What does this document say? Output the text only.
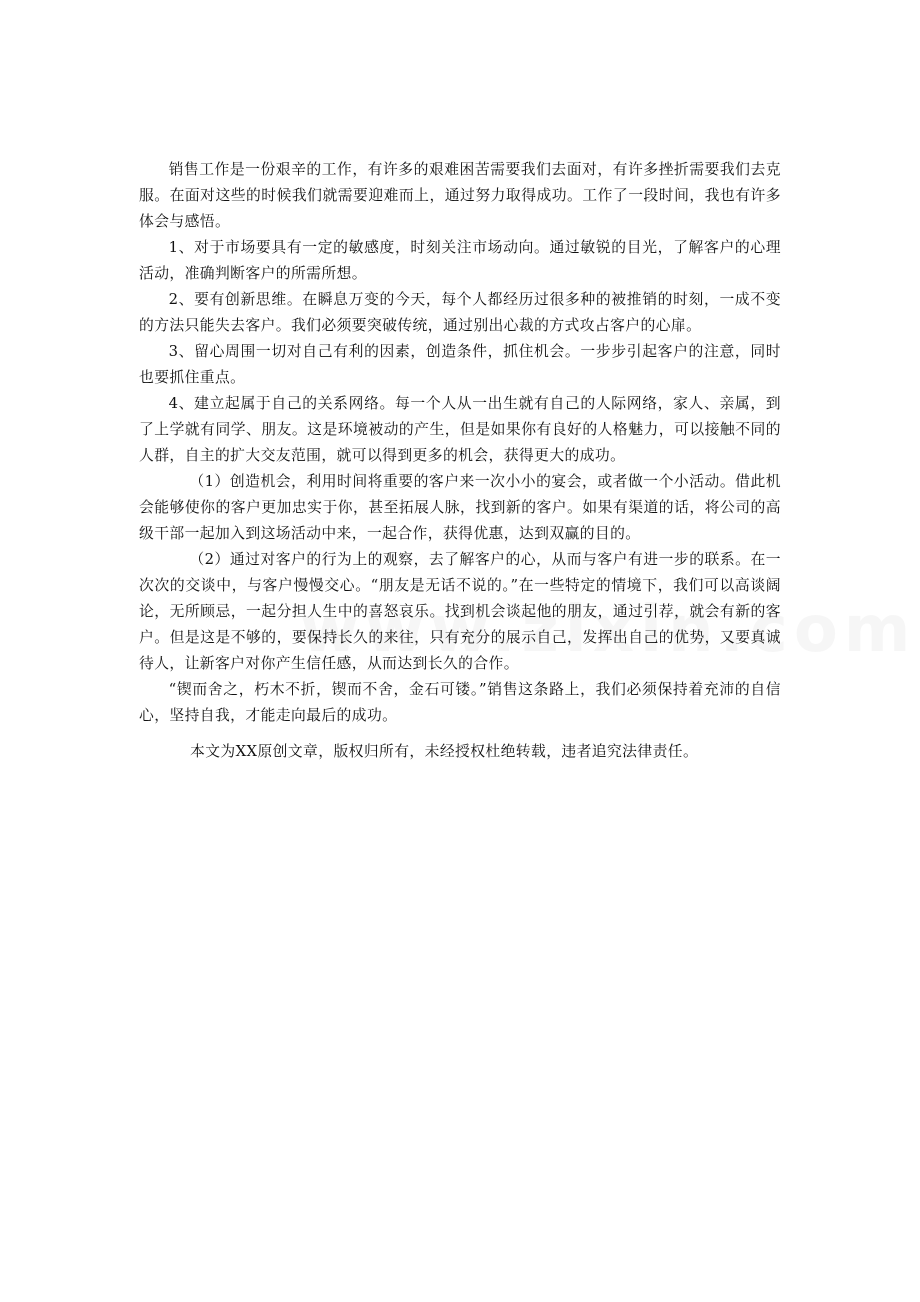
销售工作是一份艰辛的工作，有许多的艰难困苦需要我们去面对，有许多挫折需要我们去克服。在面对这些的时候我们就需要迎难而上，通过努力取得成功。工作了一段时间，我也有许多体会与感悟。

1、对于市场要具有一定的敏感度，时刻关注市场动向。通过敏锐的目光，了解客户的心理活动，准确判断客户的所需所想。

2、要有创新思维。在瞬息万变的今天，每个人都经历过很多种的被推销的时刻，一成不变的方法只能失去客户。我们必须要突破传统，通过别出心裁的方式攻占客户的心扉。

3、留心周围一切对自己有利的因素，创造条件，抓住机会。一步步引起客户的注意，同时也要抓住重点。

4、建立起属于自己的关系网络。每一个人从一出生就有自己的人际网络，家人、亲属，到了上学就有同学、朋友。这是环境被动的产生，但是如果你有良好的人格魅力，可以接触不同的人群，自主的扩大交友范围，就可以得到更多的机会，获得更大的成功。

（1）创造机会，利用时间将重要的客户来一次小小的宴会，或者做一个小活动。借此机会能够使你的客户更加忠实于你，甚至拓展人脉，找到新的客户。如果有渠道的话，将公司的高级干部一起加入到这场活动中来，一起合作，获得优惠，达到双赢的目的。

（2）通过对客户的行为上的观察，去了解客户的心，从而与客户有进一步的联系。在一次次的交谈中，与客户慢慢交心。“朋友是无话不说的。”在一些特定的情境下，我们可以高谈阔论，无所顾忌，一起分担人生中的喜怒哀乐。找到机会谈起他的朋友，通过引荐，就会有新的客户。但是这是不够的，要保持长久的来往，只有充分的展示自己，发挥出自己的优势，又要真诚待人，让新客户对你产生信任感，从而达到长久的合作。

“锲而舍之，朽木不折，锲而不舍，金石可镂。”销售这条路上，我们必须保持着充沛的自信心，坚持自我，才能走向最后的成功。

本文为XX原创文章，版权归所有，未经授权杜绝转载，违者追究法律责任。
